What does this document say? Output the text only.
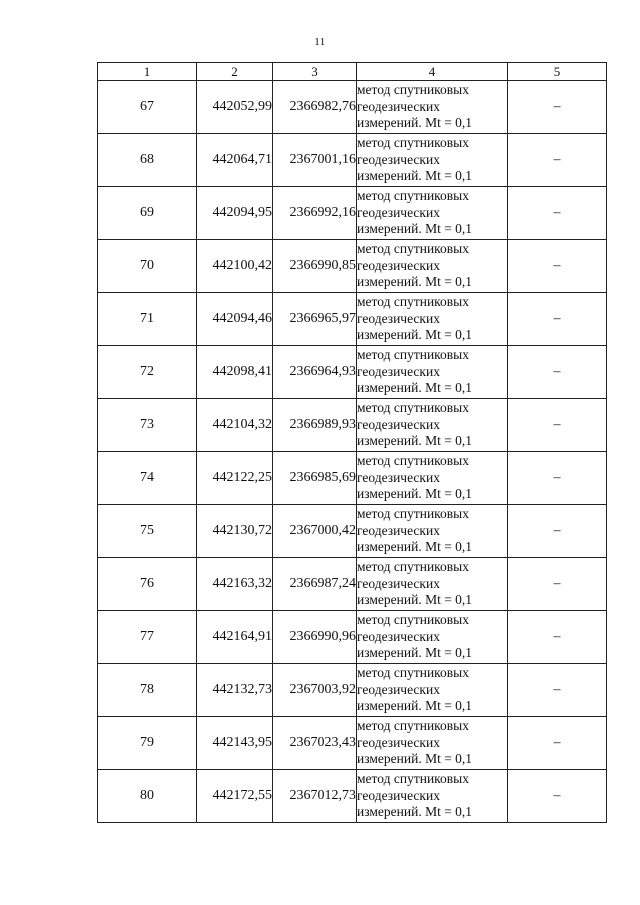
11
1	2	3	4	5
67	442052,99	2366982,76	метод спутниковых
геодезических
измерений. Mt = 0,1	–
68	442064,71	2367001,16	метод спутниковых
геодезических
измерений. Mt = 0,1	–
69	442094,95	2366992,16	метод спутниковых
геодезических
измерений. Mt = 0,1	–
70	442100,42	2366990,85	метод спутниковых
геодезических
измерений. Mt = 0,1	–
71	442094,46	2366965,97	метод спутниковых
геодезических
измерений. Mt = 0,1	–
72	442098,41	2366964,93	метод спутниковых
геодезических
измерений. Mt = 0,1	–
73	442104,32	2366989,93	метод спутниковых
геодезических
измерений. Mt = 0,1	–
74	442122,25	2366985,69	метод спутниковых
геодезических
измерений. Mt = 0,1	–
75	442130,72	2367000,42	метод спутниковых
геодезических
измерений. Mt = 0,1	–
76	442163,32	2366987,24	метод спутниковых
геодезических
измерений. Mt = 0,1	–
77	442164,91	2366990,96	метод спутниковых
геодезических
измерений. Mt = 0,1	–
78	442132,73	2367003,92	метод спутниковых
геодезических
измерений. Mt = 0,1	–
79	442143,95	2367023,43	метод спутниковых
геодезических
измерений. Mt = 0,1	–
80	442172,55	2367012,73	метод спутниковых
геодезических
измерений. Mt = 0,1	–
